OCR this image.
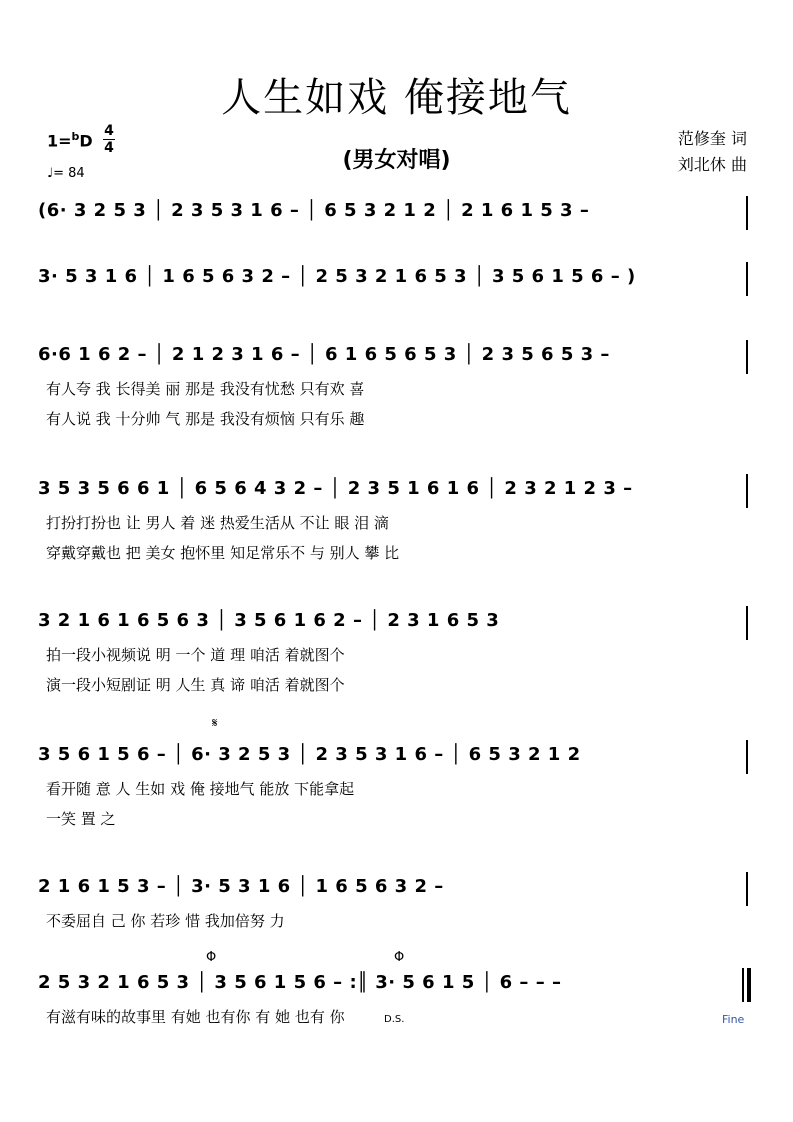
人生如戏 俺接地气
(男女对唱)
1=$^b$D
4
4
♩= 84
范修奎 词
刘北休 曲
(6· 3 2 5 3 │ 2 3 5 3 1 6 – │ 6 5 3 2 1 2 │ 2 1 6 1 5 3 –
3· 5 3 1 6 │ 1 6 5 6 3 2 – │ 2 5 3 2 1 6 5 3 │ 3 5 6 1 5 6 – )
6·6 1 6 2 – │ 2 1 2 3 1 6 – │ 6 1 6 5 6 5 3 │ 2 3 5 6 5 3 –
有人夸 我 长得美 丽 那是 我没有忧愁 只有欢 喜
有人说 我 十分帅 气 那是 我没有烦恼 只有乐 趣
3 5 3 5 6 6 1 │ 6 5 6 4 3 2 – │ 2 3 5 1 6 1 6 │ 2 3 2 1 2 3 –
打扮打扮也 让 男人 着 迷 热爱生活从 不让 眼 泪 滴
穿戴穿戴也 把 美女 抱怀里 知足常乐不 与 别人 攀 比
3 2 1 6 1 6 5 6 3 │ 3 5 6 1 6 2 – │ 2 3 1 6 5 3
拍一段小视频说 明 一个 道 理 咱活 着就图个
演一段小短剧证 明 人生 真 谛 咱活 着就图个
𝄋
3 5 6 1 5 6 – │ 6· 3 2 5 3 │ 2 3 5 3 1 6 – │ 6 5 3 2 1 2
看开随 意 人 生如 戏 俺 接地气 能放 下能拿起
一笑 置 之
2 1 6 1 5 3 – │ 3· 5 3 1 6 │ 1 6 5 6 3 2 –
不委屈自 己 你 若珍 惜 我加倍努 力
Φ	Φ
2 5 3 2 1 6 5 3 │ 3 5 6 1 5 6 – :║ 3· 5 6 1 5 │ 6 – – –
有滋有味的故事里 有她 也有你 有 她 也有 你	D.S.	Fine
